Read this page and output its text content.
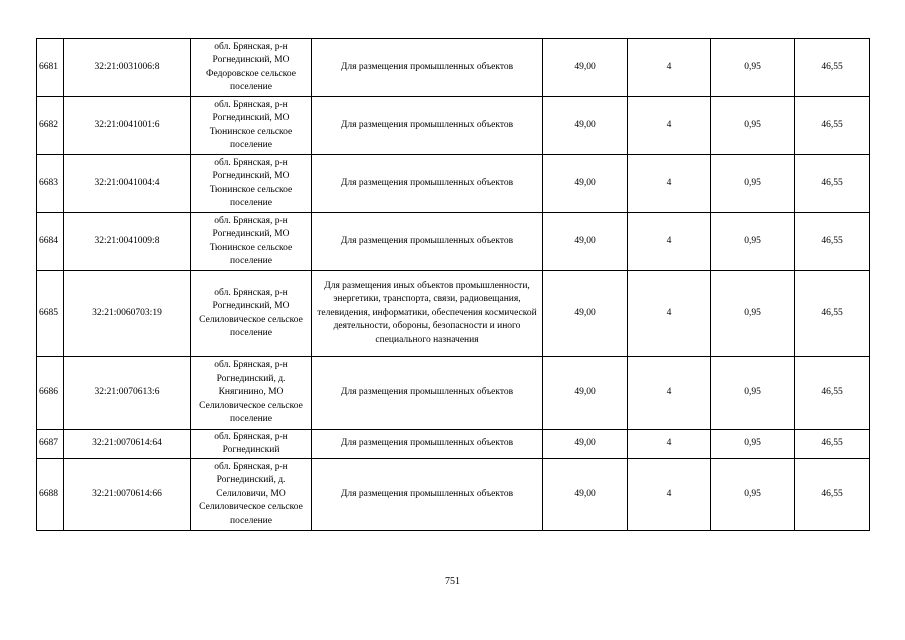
6681	32:21:0031006:8	обл. Брянская, р-н Рогнединский, МО Федоровское сельское поселение	Для размещения промышленных объектов	49,00	4	0,95	46,55
6682	32:21:0041001:6	обл. Брянская, р-н Рогнединский, МО Тюнинское сельское поселение	Для размещения промышленных объектов	49,00	4	0,95	46,55
6683	32:21:0041004:4	обл. Брянская, р-н Рогнединский, МО Тюнинское сельское поселение	Для размещения промышленных объектов	49,00	4	0,95	46,55
6684	32:21:0041009:8	обл. Брянская, р-н Рогнединский, МО Тюнинское сельское поселение	Для размещения промышленных объектов	49,00	4	0,95	46,55
6685	32:21:0060703:19	обл. Брянская, р-н Рогнединский, МО Селиловическое сельское поселение	Для размещения иных объектов промышленности, энергетики, транспорта, связи, радиовещания, телевидения, информатики, обеспечения космической деятельности, обороны, безопасности и иного специального назначения	49,00	4	0,95	46,55
6686	32:21:0070613:6	обл. Брянская, р-н Рогнединский, д. Княгинино, МО Селиловическое сельское поселение	Для размещения промышленных объектов	49,00	4	0,95	46,55
6687	32:21:0070614:64	обл. Брянская, р-н Рогнединский	Для размещения промышленных объектов	49,00	4	0,95	46,55
6688	32:21:0070614:66	обл. Брянская, р-н Рогнединский, д. Селиловичи, МО Селиловическое сельское поселение	Для размещения промышленных объектов	49,00	4	0,95	46,55
751
